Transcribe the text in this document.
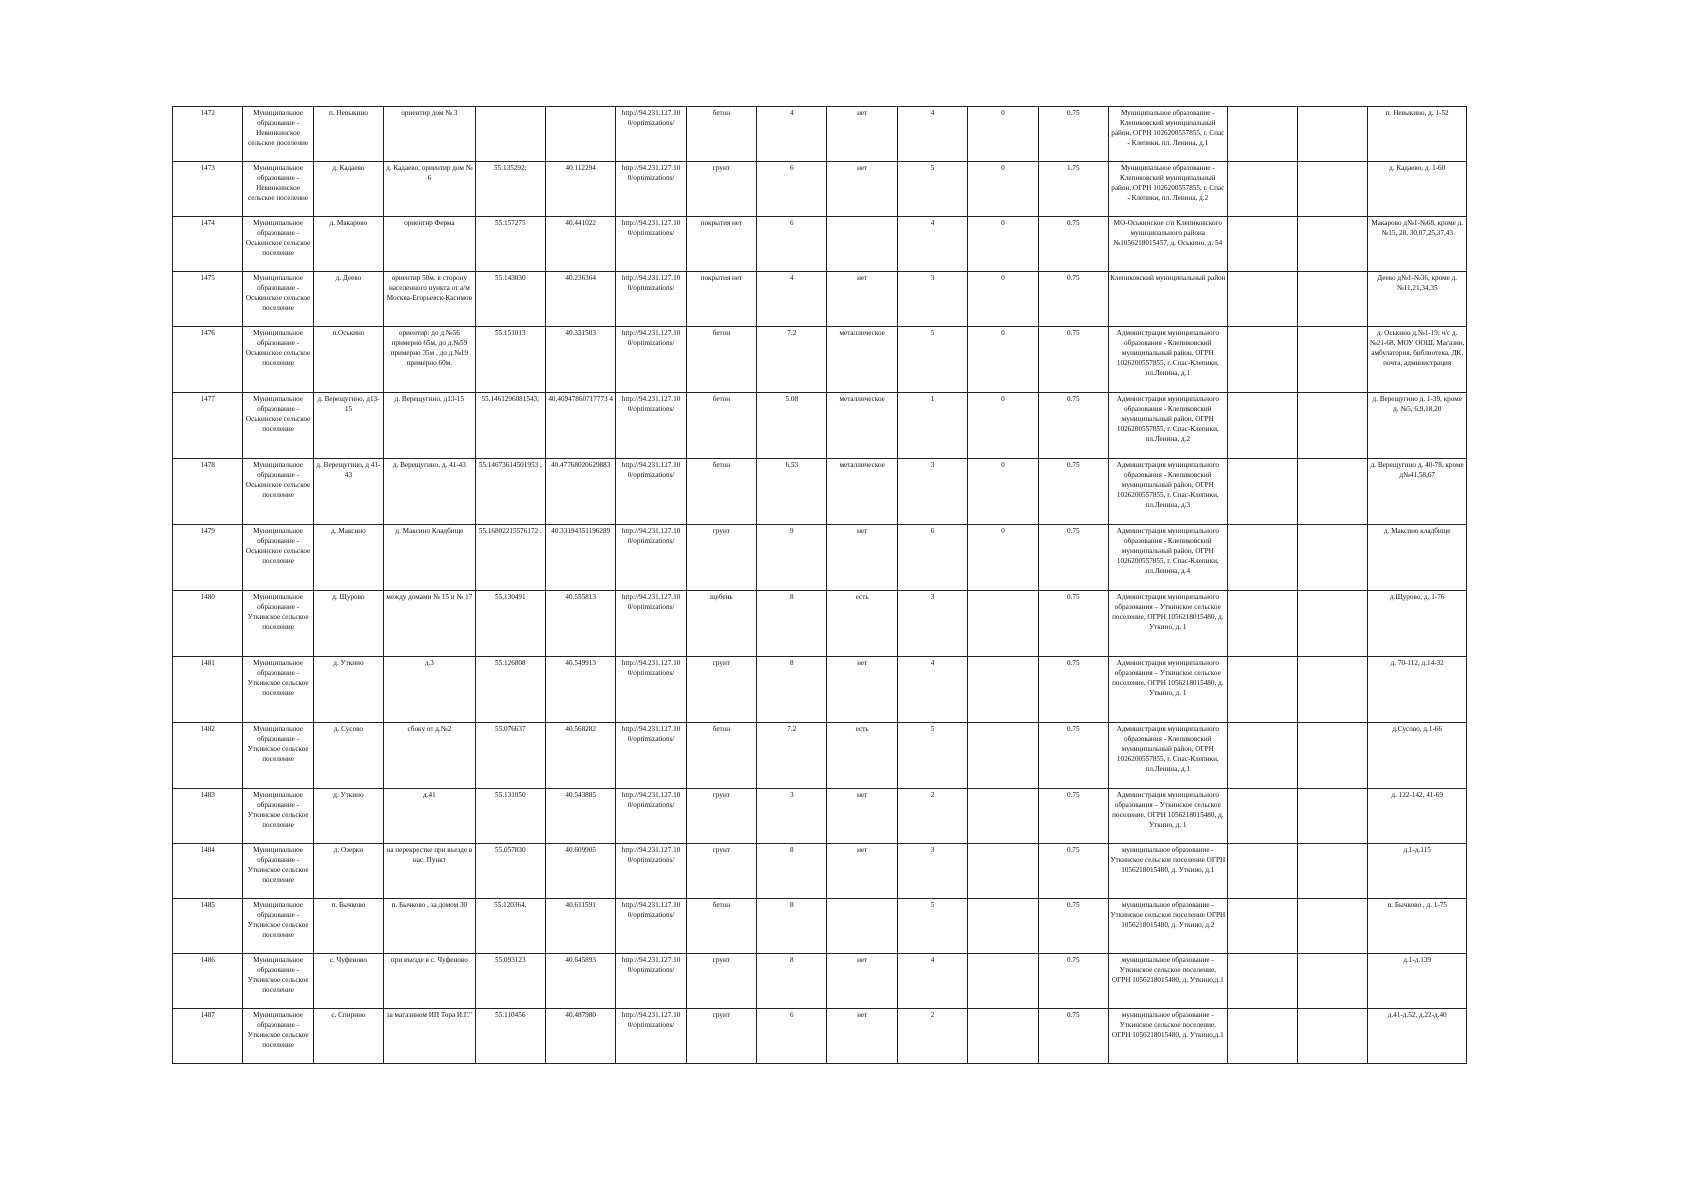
1472	Муниципальное образование - Невинкинское сельское поселение	п. Невыкино	ориентир дом № 3			http://94.231.127.10 0/optimizations/	бетон	4	нет	4	0	0.75	Муниципальное образование - Клепиковский муниципальный район, ОГРН 1026200557855, г. Спас - Клепики, пл. Ленина, д.1			п. Невыкино, д. 1-52
1473	Муниципальное образование - Невинкинское сельское поселение	д. Кадаево	д. Кадаево, ориентир дом № 6	55.135292;	40.112294	http://94.231.127.10 0/optimizations/	грунт	6	нет	5	0	1.75	Муниципальное образование - Клепиковский муниципальный район, ОГРН 1026200557855, г. Спас - Клепики, пл. Ленина, д.2			д. Кадаево, д. 1-60
1474	Муниципальное образование - Оськинское сельское поселение	д. Макарово	ориентир Ферма	55.157275	40.441022	http://94.231.127.10 0/optimizations/	покрытия нет	6		4	0	0.75	МО-Оськинское с/п Клепиковского муниципального района №1056218015457, д. Оськино, д. 54			Макарово д№1-№68, кроме д.№15, 28, 30,07,25,37,43
1475	Муниципальное образование - Оськинское сельское поселение	д. Деево	ориентир 50м. в сторону населенного пункта от а/м Москва-Егорьевск-Касимов	55.143030	40.236364	http://94.231.127.10 0/optimizations/	покрытия нет	4	нет	3	0	0.75	Клепиковский муниципальный район			Деево д№1-№36, кроме д.№11,21,34,35
1476	Муниципальное образование - Оськинское сельское поселение	п.Оськино	ориентир: до д.№56 примерно 65м, до д.№59 примерно 35м , до д.№19 примерно 60м.	55.151013	40.331503	http://94.231.127.10 0/optimizations/	бетон	7.2	металлическое	5	0	0.75	Администрация муниципального образования - Клепиковский муниципальный район, ОГРН 1026200557855, г. Спас-Клепики, пл.Ленина, д.1			д. Оськино д.№1-19, ч/с д.№21-68, МОУ ООШ, Магазин, амбулатория, библиотека, ДК, почта, администрация
1477	Муниципальное образование - Оськинское сельское поселение	д. Верещугино, д13-15	д. Верещугино, д13-15	55.1461296081543;	40.46947860717773 4	http://94.231.127.10 0/optimizations/	бетон	5.08	металлическое	1	0	0.75	Администрация муниципального образования - Клепиковский муниципальный район, ОГРН 1026200557855, г. Спас-Клепики, пл.Ленина, д.2			д. Верещугино д. 1-39, кроме д. №5, 6,9,18,20
1478	Муниципальное образование - Оськинское сельское поселение	д. Верещугино, д 41-43	д. Верещугино, д. 41-43	55.14673614501953 ,	40.47768020629883	http://94.231.127.10 0/optimizations/	бетон	6.53	металлическое	3	0	0.75	Администрация муниципального образования - Клепиковский муниципальный район, ОГРН 1026200557855, г. Спас-Клепики, пл.Ленина, д.3			д. Верещугино д. 40-78, кроме д№41,58,67
1479	Муниципальное образование - Оськинское сельское поселение	д. Максино	д. Максино Кладбище	55.16802215576172 ,	40.33194351196289	http://94.231.127.10 0/optimizations/	грунт	9	нет	6	0	0.75	Администрация муниципального образования - Клепиковский муниципальный район, ОГРН 1026200557855, г. Спас-Клепики, пл.Ленина, д.4			д. Максино кладбище
1480	Муниципальное образование - Уткинское сельское поселение	д. Щурово	между домами № 15 и № 17	55,130491	40.555813	http://94.231.127.10 0/optimizations/	щебень	8	есть	3		0.75	Администрация муниципального образования – Уткинское сельское поселение, ОГРН 1056218015480, д. Уткино, д. 1			д.Щурово, д. 1-76
1481	Муниципальное образование - Уткинское сельское поселение	д. Уткино	д.3	55.126808	40.549913	http://94.231.127.10 0/optimizations/	грунт	8	нет	4		0.75	Администрация муниципального образования – Уткинское сельское поселение, ОГРН 1056218015480, д. Уткино, д. 1			д. 70-112, д.14-32
1482	Муниципальное образование - Уткинское сельское поселение	д. Сусово	сбоку от д.№2	55.076637	40.568282	http://94.231.127.10 0/optimizations/	бетон	7.2	есть	5		0.75	Администрация муниципального образования - Клепиковский муниципальный район, ОГРН 1026200557855, г. Спас-Клепики, пл.Ленина, д.1			д.Сусово, д.1-66
1483	Муниципальное образование - Уткинское сельское поселение	д. Уткино	д.41	55.131050	40.543885	http://94.231.127.10 0/optimizations/	грунт	3	нет	2		0.75	Администрация муниципального образования – Уткинское сельское поселение, ОГРН 1056218015480, д. Уткино, д. 1			д. 122-142, 41-69
1484	Муниципальное образование - Уткинское сельское поселение	д. Озерки	на перекрестке при въезде в нас. Пункт	55.057830	40.609905	http://94.231.127.10 0/optimizations/	грунт	8	нет	3		0.75	муниципальное образование - Уткинское сельское поселение ОГРН 1056218015480, д. Уткино, д.1			д.1-д.115
1485	Муниципальное образование - Уткинское сельское поселение	п. Бычково	п. Бычково , за домом 30	55.120364,	40.611591	http://94.231.127.10 0/optimizations/	бетон	8		5		0.75	муниципальное образование - Уткинское сельское поселение ОГРН 1056218015480, д. Уткино, д.2			п. Бычково , д. 1-75
1486	Муниципальное образование - Уткинское сельское поселение	с. Чуфеново	при въезде в с. Чуфеново	55.093123	40.645893	http://94.231.127.10 0/optimizations/	грунт	8	нет	4		0.75	муниципальное образование - Уткинское сельское поселение, ОГРН 1056218015480, д. Уткино,д.1			д.1-д.139
1487	Муниципальное образование - Уткинское сельское поселение	с. Спирино	за магазином ИП Тора И.Г."	55.110456	40.487980	http://94.231.127.10 0/optimizations/	грунт	6	нет	2		0.75	муниципальное образование - Уткинское сельское поселение, ОГРН 1056218015480, д. Уткино,д.1			д.41-д.52, д.22-д.40
